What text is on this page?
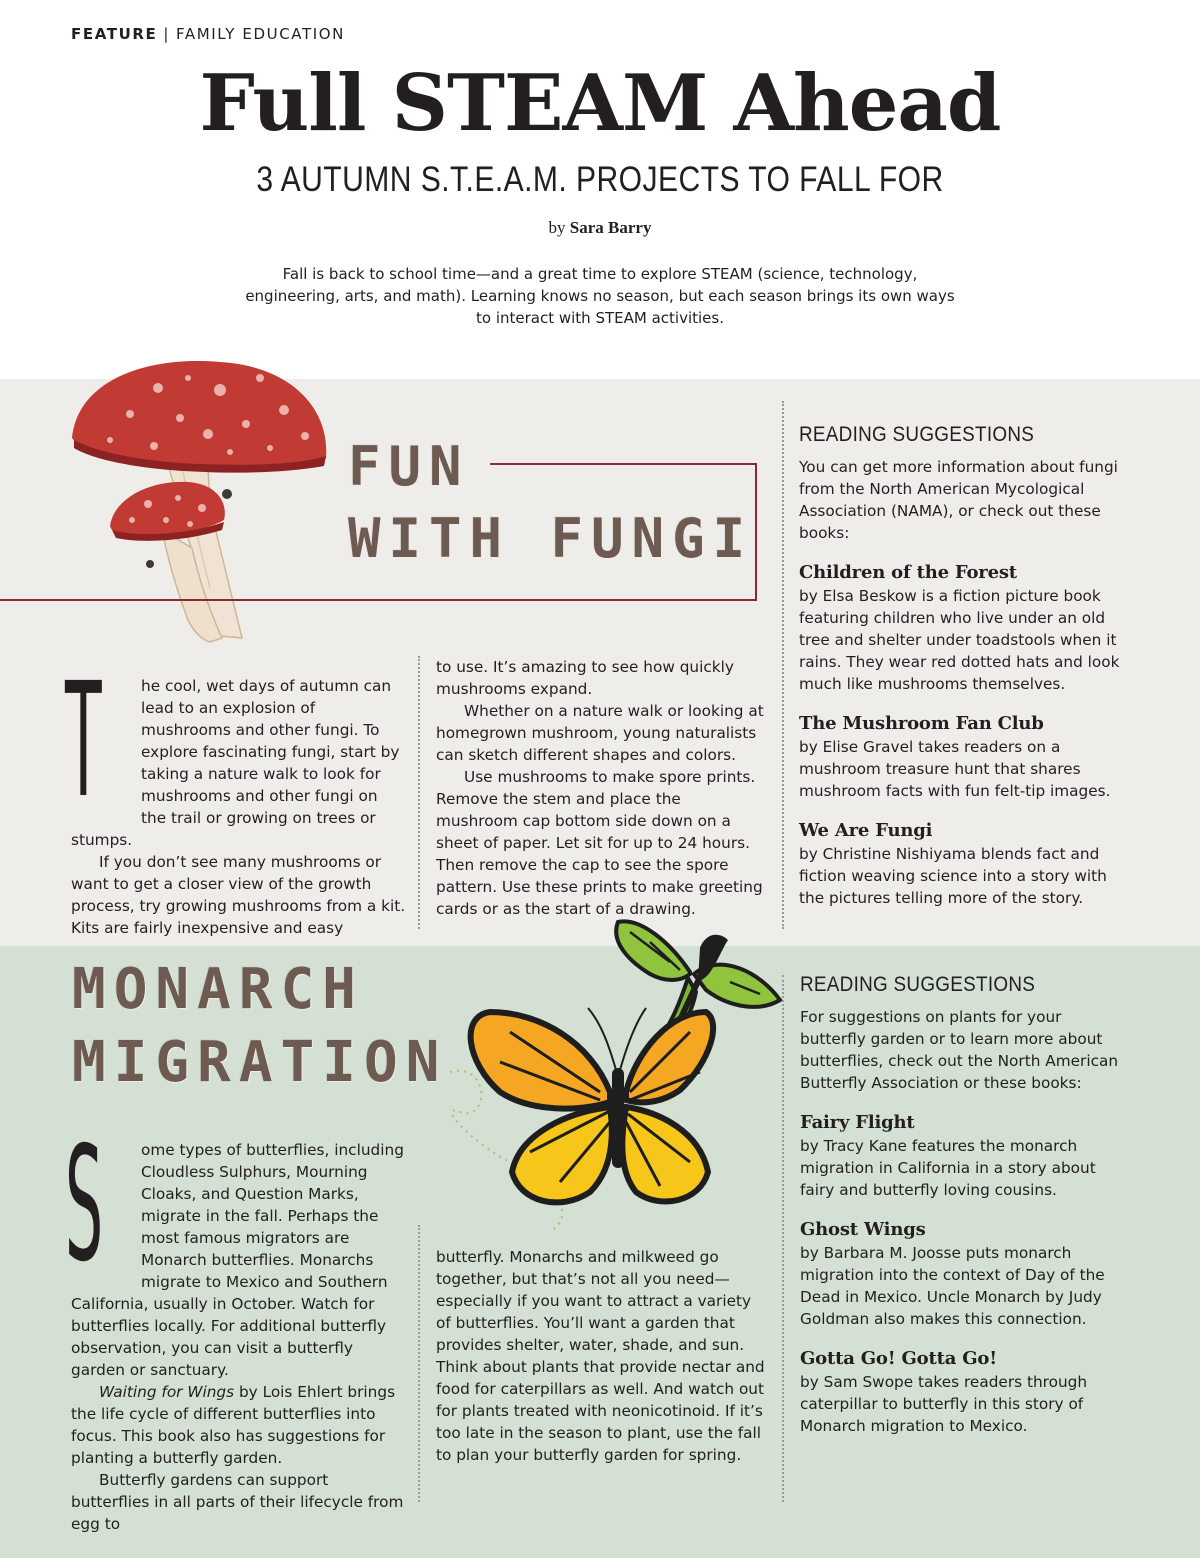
FEATURE | FAMILY EDUCATION
Full STEAM Ahead
3 AUTUMN S.T.E.A.M. PROJECTS TO FALL FOR
by Sara Barry
Fall is back to school time—and a great time to explore STEAM (science, technology, engineering, arts, and math). Learning knows no season, but each season brings its own ways to interact with STEAM activities.
FUN
WITH FUNGI
T	he cool, wet days of autumn can lead to an explosion of mushrooms and other fungi. To explore fascinating fungi, start by taking a nature walk to look for mushrooms and other fungi on the trail or growing on trees or stumps.

If you don’t see many mushrooms or want to get a closer view of the growth process, try growing mushrooms from a kit. Kits are fairly inexpensive and easy

to use. It’s amazing to see how quickly mushrooms expand.

Whether on a nature walk or looking at homegrown mushroom, young naturalists can sketch different shapes and colors.

Use mushrooms to make spore prints. Remove the stem and place the mushroom cap bottom side down on a sheet of paper. Let sit for up to 24 hours. Then remove the cap to see the spore pattern. Use these prints to make greeting cards or as the start of a drawing.

READING SUGGESTIONS

You can get more information about fungi from the North American Mycological Association (NAMA), or check out these books:

Children of the Forest

by Elsa Beskow is a fiction picture book featuring children who live under an old tree and shelter under toadstools when it rains. They wear red dotted hats and look much like mushrooms themselves.

The Mushroom Fan Club

by Elise Gravel takes readers on a mushroom treasure hunt that shares mushroom facts with fun felt-tip images.

We Are Fungi

by Christine Nishiyama blends fact and fiction weaving science into a story with the pictures telling more of the story.

MONARCH
MIGRATION
S	ome types of butterflies, including Cloudless Sulphurs, Mourning Cloaks, and Question Marks, migrate in the fall. Perhaps the most famous migrators are Monarch butterflies. Monarchs migrate to Mexico and Southern California, usually in October. Watch for butterflies locally. For additional butterfly observation, you can visit a butterfly garden or sanctuary.

Waiting for Wings by Lois Ehlert brings the life cycle of different butterflies into focus. This book also has suggestions for planting a butterfly garden.

Butterfly gardens can support butterflies in all parts of their lifecycle from egg to

butterfly. Monarchs and milkweed go together, but that’s not all you need—especially if you want to attract a variety of butterflies. You’ll want a garden that provides shelter, water, shade, and sun. Think about plants that provide nectar and food for caterpillars as well. And watch out for plants treated with neonicotinoid. If it’s too late in the season to plant, use the fall to plan your butterfly garden for spring.

READING SUGGESTIONS

For suggestions on plants for your butterfly garden or to learn more about butterflies, check out the North American Butterfly Association or these books:

Fairy Flight

by Tracy Kane features the monarch migration in California in a story about fairy and butterfly loving cousins.

Ghost Wings

by Barbara M. Joosse puts monarch migration into the context of Day of the Dead in Mexico. Uncle Monarch by Judy Goldman also makes this connection.

Gotta Go! Gotta Go!

by Sam Swope takes readers through caterpillar to butterfly in this story of Monarch migration to Mexico.
